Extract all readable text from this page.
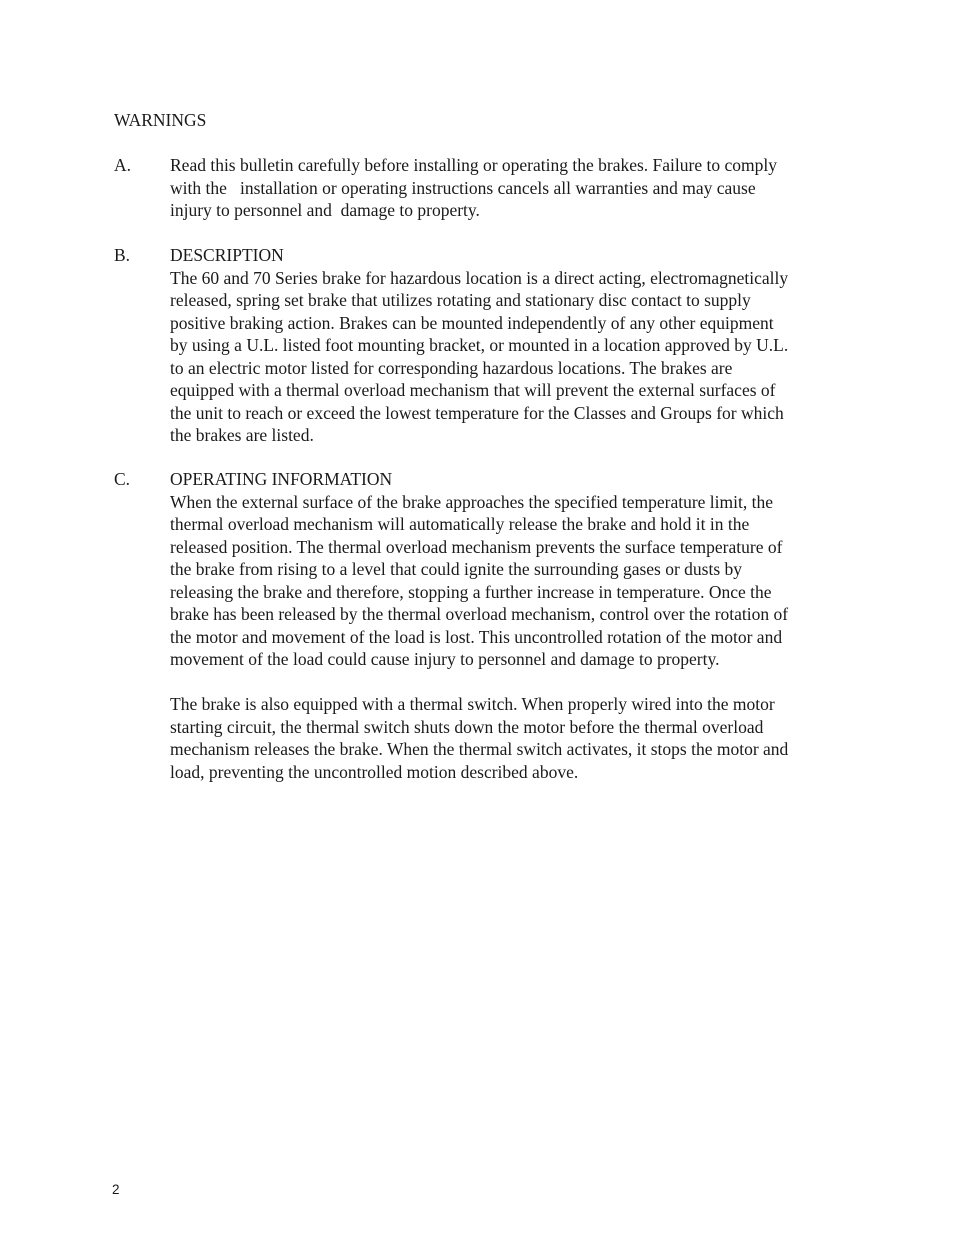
WARNINGS
A. Read this bulletin carefully before installing or operating the brakes. Failure to comply

with the   installation or operating instructions cancels all warranties and may cause

injury to personnel and  damage to property.

B. DESCRIPTION

The 60 and 70 Series brake for hazardous location is a direct acting, electromagnetically

released, spring set brake that utilizes rotating and stationary disc contact to supply

positive braking action. Brakes can be mounted independently of any other equipment

by using a U.L. listed foot mounting bracket, or mounted in a location approved by U.L.

to an electric motor listed for corresponding hazardous locations. The brakes are

equipped with a thermal overload mechanism that will prevent the external surfaces of

the unit to reach or exceed the lowest temperature for the Classes and Groups for which

the brakes are listed.

C. OPERATING INFORMATION

When the external surface of the brake approaches the specified temperature limit, the

thermal overload mechanism will automatically release the brake and hold it in the

released position. The thermal overload mechanism prevents the surface temperature of

the brake from rising to a level that could ignite the surrounding gases or dusts by

releasing the brake and therefore, stopping a further increase in temperature. Once the

brake has been released by the thermal overload mechanism, control over the rotation of

the motor and movement of the load is lost. This uncontrolled rotation of the motor and

movement of the load could cause injury to personnel and damage to property.

The brake is also equipped with a thermal switch. When properly wired into the motor

starting circuit, the thermal switch shuts down the motor before the thermal overload

mechanism releases the brake. When the thermal switch activates, it stops the motor and

load, preventing the uncontrolled motion described above.

2
